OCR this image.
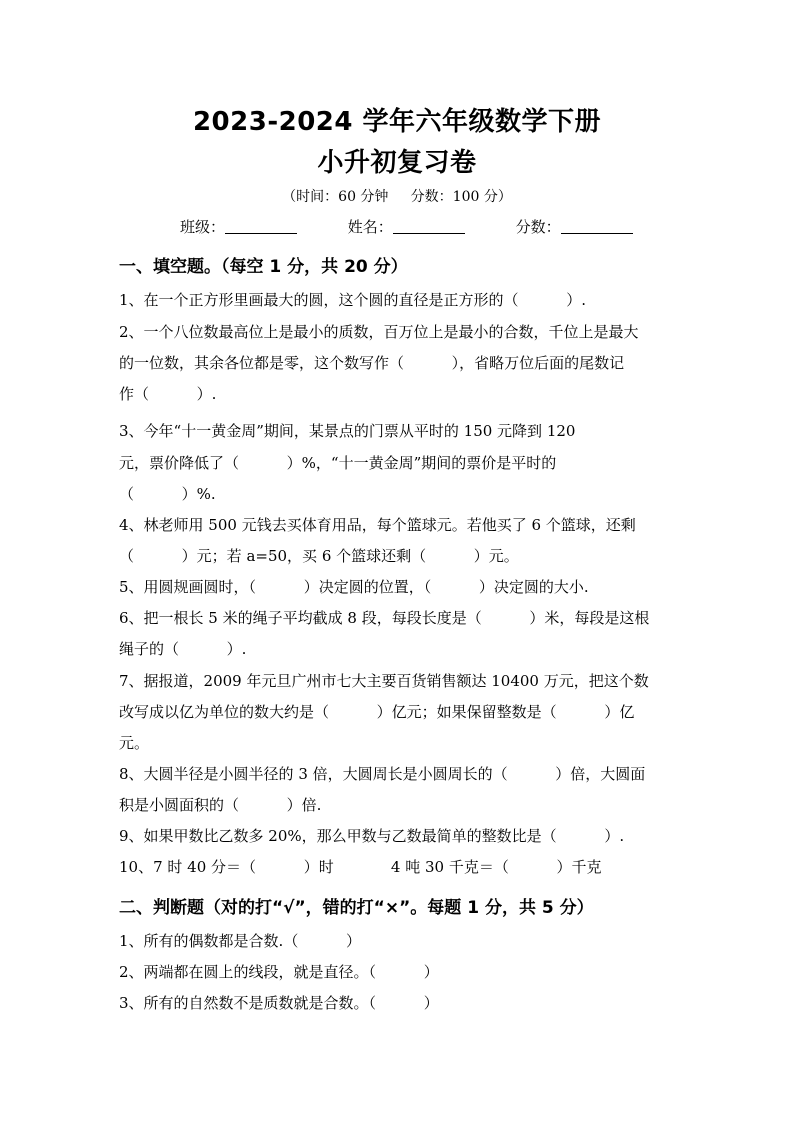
2023-2024 学年六年级数学下册
小升初复习卷
（时间：60 分钟     分数：100 分）
班级：	姓名：	分数：
一、填空题。（每空 1 分，共 20 分）
1、在一个正方形里画最大的圆，这个圆的直径是正方形的（          ）.
2、一个八位数最高位上是最小的质数，百万位上是最小的合数，千位上是最大
的一位数，其余各位都是零，这个数写作（          ），省略万位后面的尾数记
作（          ）.
3、今年“十一黄金周”期间，某景点的门票从平时的 150 元降到 120
元，票价降低了（          ）%，“十一黄金周”期间的票价是平时的
（          ）%.
4、林老师用 500 元钱去买体育用品，每个篮球元。若他买了 6 个篮球，还剩
（          ）元；若 a=50，买 6 个篮球还剩（          ）元。
5、用圆规画圆时，（          ）决定圆的位置，（          ）决定圆的大小.
6、把一根长 5 米的绳子平均截成 8 段，每段长度是（          ）米，每段是这根
绳子的（          ）.
7、据报道，2009 年元旦广州市七大主要百货销售额达 10400 万元，把这个数
改写成以亿为单位的数大约是（          ）亿元；如果保留整数是（          ）亿
元。
8、大圆半径是小圆半径的 3 倍，大圆周长是小圆周长的（          ）倍，大圆面
积是小圆面积的（          ）倍.
9、如果甲数比乙数多 20%，那么甲数与乙数最简单的整数比是（          ）.
10、7 时 40 分＝（          ）时            4 吨 30 千克＝（          ）千克
二、判断题（对的打“√”，错的打“×”。每题 1 分，共 5 分）
1、所有的偶数都是合数.（          ）
2、两端都在圆上的线段，就是直径。（          ）
3、所有的自然数不是质数就是合数。（          ）
